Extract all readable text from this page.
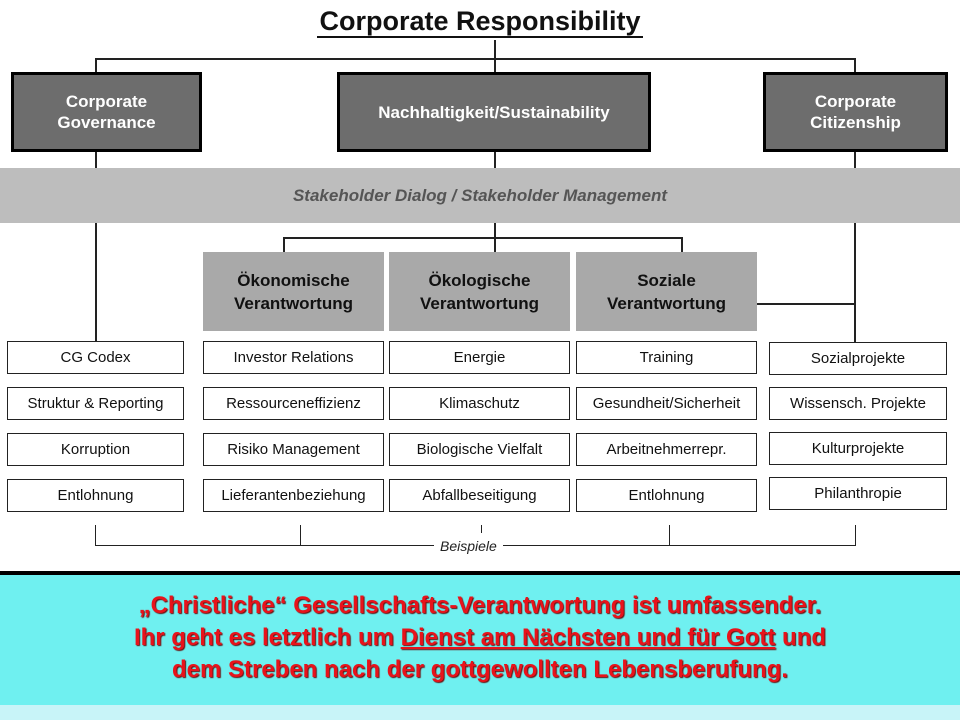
Corporate Responsibility
Corporate Governance
Nachhaltigkeit/Sustainability
Corporate Citizenship
Stakeholder Dialog / Stakeholder Management
Ökonomische Verantwortung
Ökologische Verantwortung
Soziale Verantwortung
CG Codex
Struktur & Reporting
Korruption
Entlohnung
Investor Relations
Ressourceneffizienz
Risiko Management
Lieferantenbeziehung
Energie
Klimaschutz
Biologische Vielfalt
Abfallbeseitigung
Training
Gesundheit/Sicherheit
Arbeitnehmerrepr.
Entlohnung
Sozialprojekte
Wissensch. Projekte
Kulturprojekte
Philanthropie
Beispiele
„Christliche“ Gesellschafts-Verantwortung ist umfassender.
Ihr geht es letztlich um Dienst am Nächsten und für Gott und
dem Streben nach der gottgewollten Lebensberufung.
